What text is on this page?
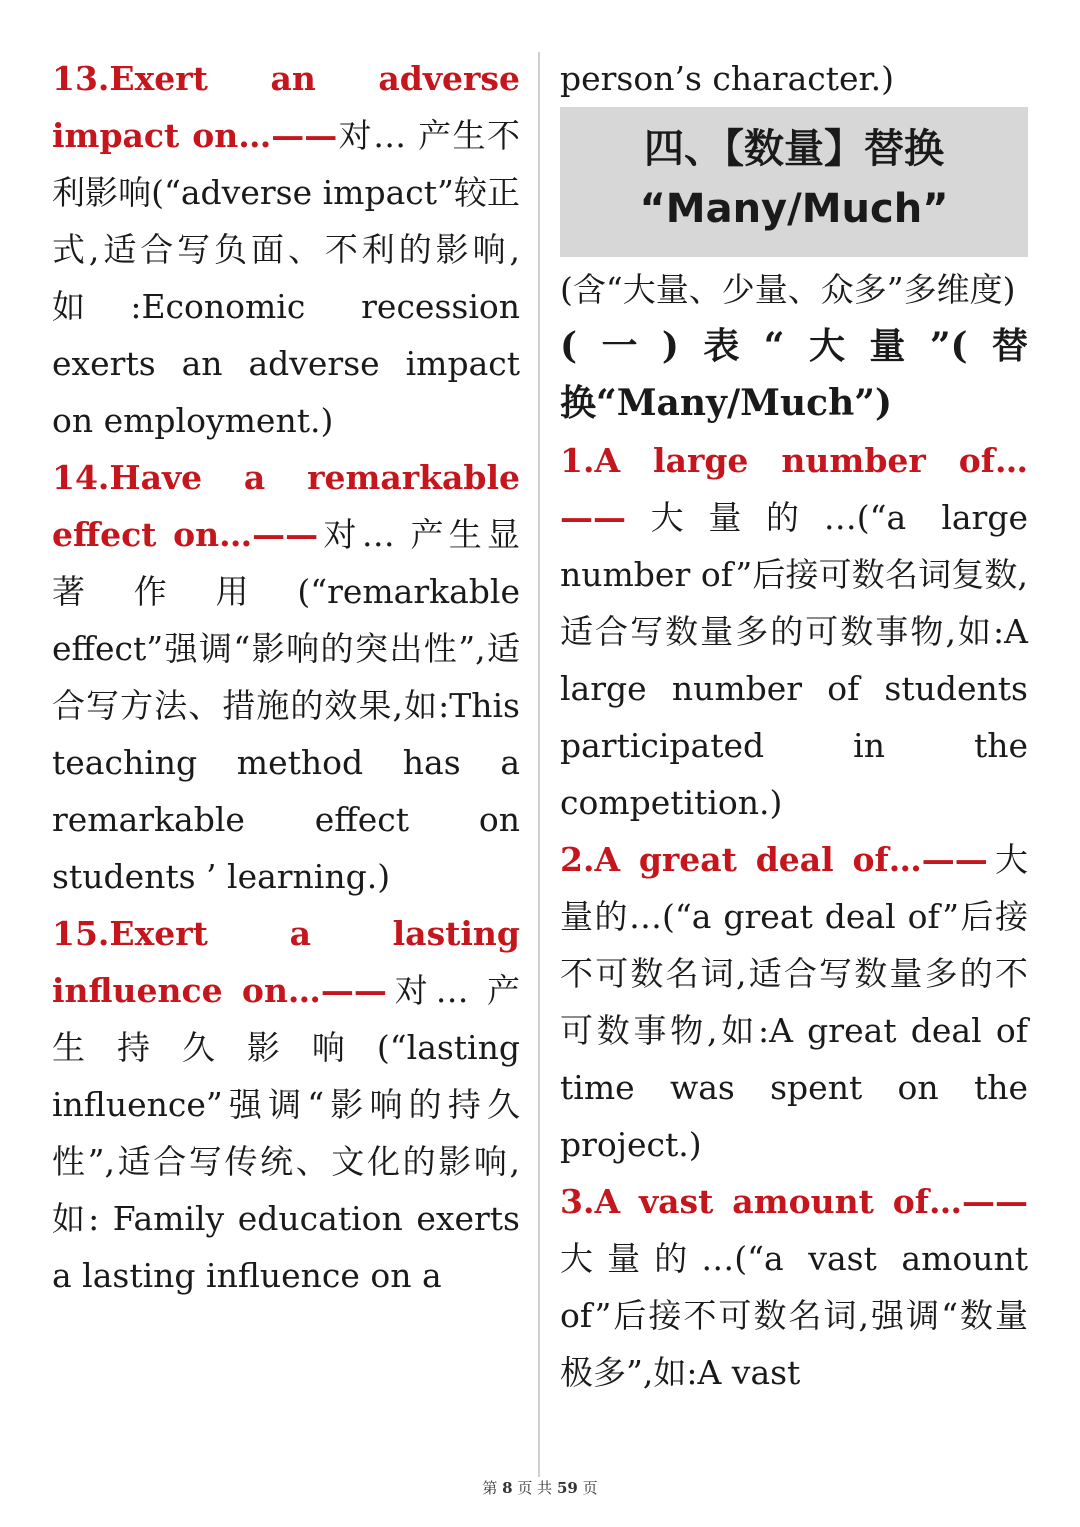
13.Exert an adverse impact on…——对… 产生不利影响(“adverse impact”较正式,适合写负面、不利的影响,如:Economic recession exerts an adverse impact on employment.)
14.Have a remarkable effect on…——对… 产生显著作用(“remarkable effect”强调“影响的突出性”,适合写方法、措施的效果,如:This teaching method has a remarkable effect on students ’ learning.)
15.Exert a lasting influence on…——对… 产生持久影响(“lasting influence”强调“影响的持久性”,适合写传统、文化的影响, 如: Family education exerts a lasting influence on a
person’s character.)
四、【数量】替换
“Many/Much”
(含“大量、少量、众多”多维度)
(一)表“大量”(替换“Many/Much”)
1.A large number of…——大量的…(“a large number of”后接可数名词复数,适合写数量多的可数事物,如:A large number of students participated in the competition.)
2.A great deal of…——大量的…(“a great deal of”后接不可数名词,适合写数量多的不可数事物,如:A great deal of time was spent on the project.)
3.A vast amount of…——大量的…(“a vast amount of”后接不可数名词,强调“数量极多”,如:A vast
第 8 页 共 59 页
